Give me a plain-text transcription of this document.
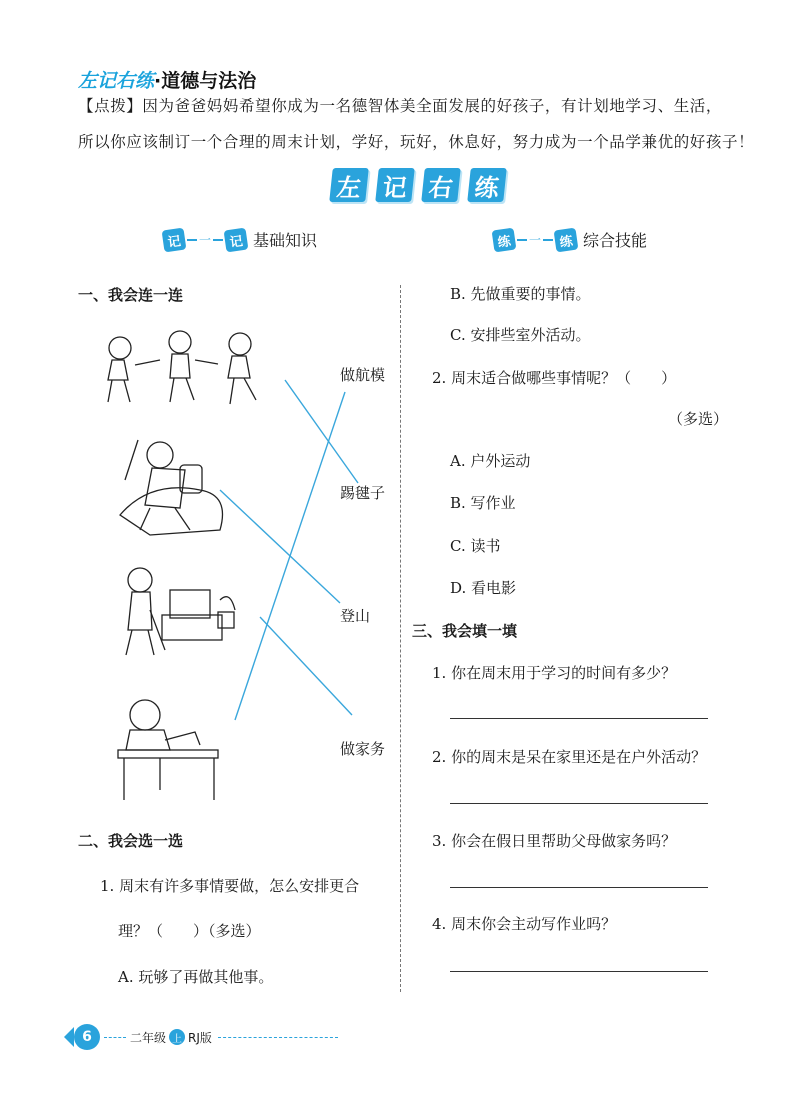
左记右练·道德与法治
【点拨】因为爸爸妈妈希望你成为一名德智体美全面发展的好孩子，有计划地学习、生活，
所以你应该制订一个合理的周末计划，学好，玩好，休息好，努力成为一个品学兼优的好孩子！
左 记 右 练
记	一	记 基础知识	练	一	练 综合技能
一、我会连一连
做航模
踢毽子
登山
做家务
二、我会选一选
1. 周末有许多事情要做，怎么安排更合
理？（　　）（多选）
A. 玩够了再做其他事。
B. 先做重要的事情。
C. 安排些室外活动。
2. 周末适合做哪些事情呢？（　　）
（多选）
A. 户外运动
B. 写作业
C. 读书
D. 看电影
三、我会填一填
1. 你在周末用于学习的时间有多少？
2. 你的周末是呆在家里还是在户外活动？
3. 你会在假日里帮助父母做家务吗？
4. 周末你会主动写作业吗？
6	二年级 上 RJ版
